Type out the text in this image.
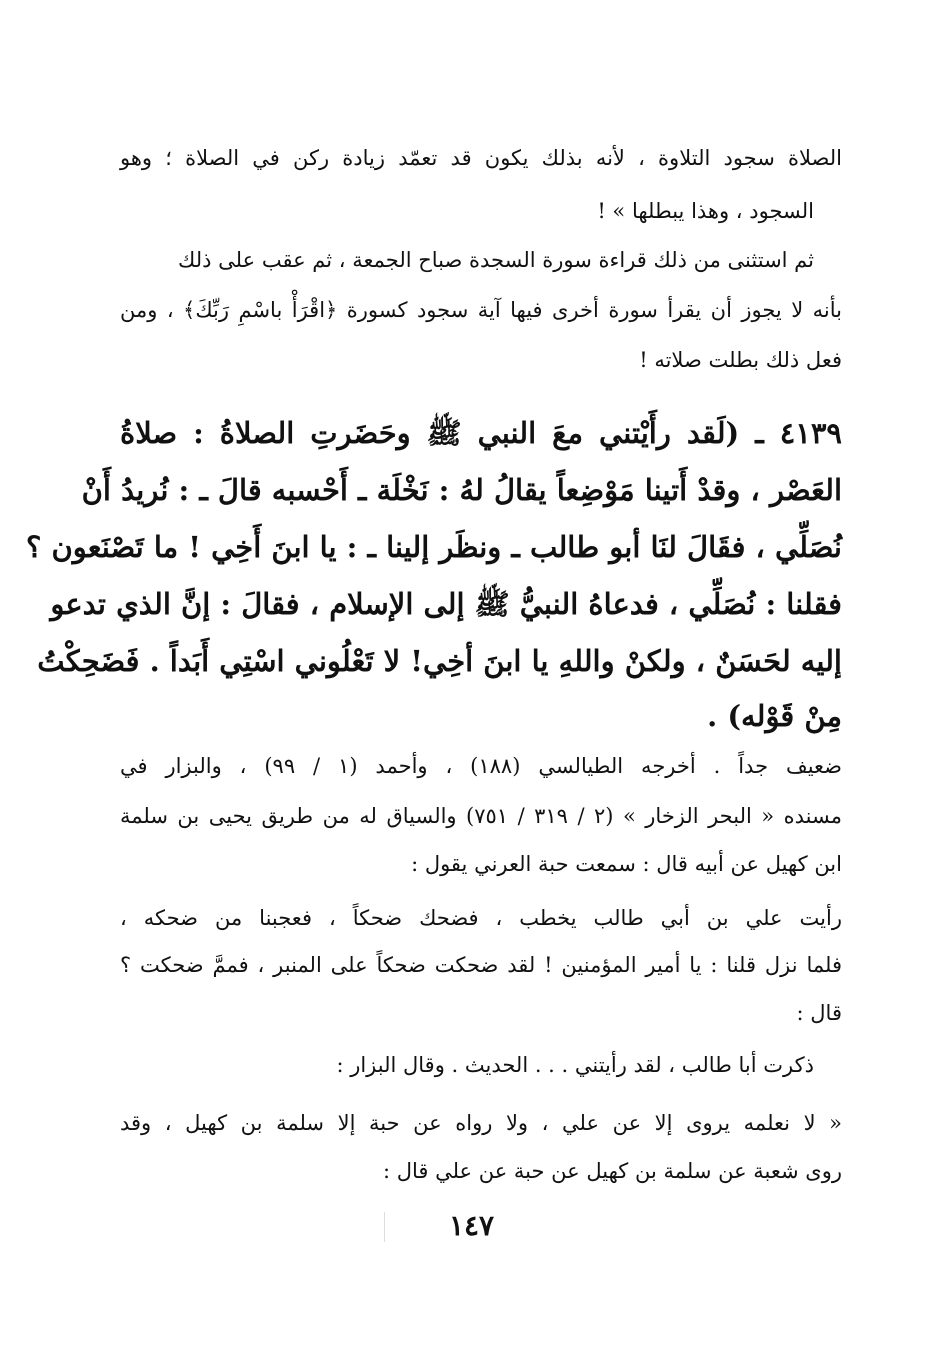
الصلاة سجود التلاوة ، لأنه بذلك يكون قد تعمّد زيادة ركن في الصلاة ؛ وهو
السجود ، وهذا يبطلها » !
ثم استثنى من ذلك قراءة سورة السجدة صباح الجمعة ، ثم عقب على ذلك
بأنه لا يجوز أن يقرأ سورة أخرى فيها آية سجود كسورة ﴿اقْرَأْ باسْمِ رَبِّكَ﴾ ، ومن
فعل ذلك بطلت صلاته !
٤١٣٩ ـ (لَقد رأَيْتني معَ النبي ﷺ وحَضَرتِ الصلاةُ : صلاةُ
العَصْر ، وقدْ أَتينا مَوْضِعاً يقالُ لهُ : نَخْلَة ـ أَحْسبه قالَ ـ : نُريدُ أَنْ
نُصَلِّي ، فقَالَ لنَا أبو طالب ـ ونظَر إلينا ـ : يا ابنَ أَخِي ! ما تَصْنَعون ؟
فقلنا : نُصَلِّي ، فدعاهُ النبيُّ ﷺ إلى الإسلام ، فقالَ : إنَّ الذي تدعو
إليه لحَسَنٌ ، ولكنْ واللهِ يا ابنَ أخِي! لا تَعْلُوني اسْتِي أَبَداً . فَضَحِكْتُ
مِنْ قَوْله) .
ضعيف جداً . أخرجه الطيالسي (١٨٨) ، وأحمد (١ / ٩٩) ، والبزار في
مسنده « البحر الزخار » (٢ / ٣١٩ / ٧٥١) والسياق له من طريق يحيى بن سلمة
ابن كهيل عن أبيه قال : سمعت حبة العرني يقول :
رأيت علي بن أبي طالب يخطب ، فضحك ضحكاً ، فعجبنا من ضحكه ،
فلما نزل قلنا : يا أمير المؤمنين ! لقد ضحكت ضحكاً على المنبر ، فممَّ ضحكت ؟
قال :
ذكرت أبا طالب ، لقد رأيتني . . . الحديث . وقال البزار :
« لا نعلمه يروى إلا عن علي ، ولا رواه عن حبة إلا سلمة بن كهيل ، وقد
روى شعبة عن سلمة بن كهيل عن حبة عن علي قال :
١٤٧
